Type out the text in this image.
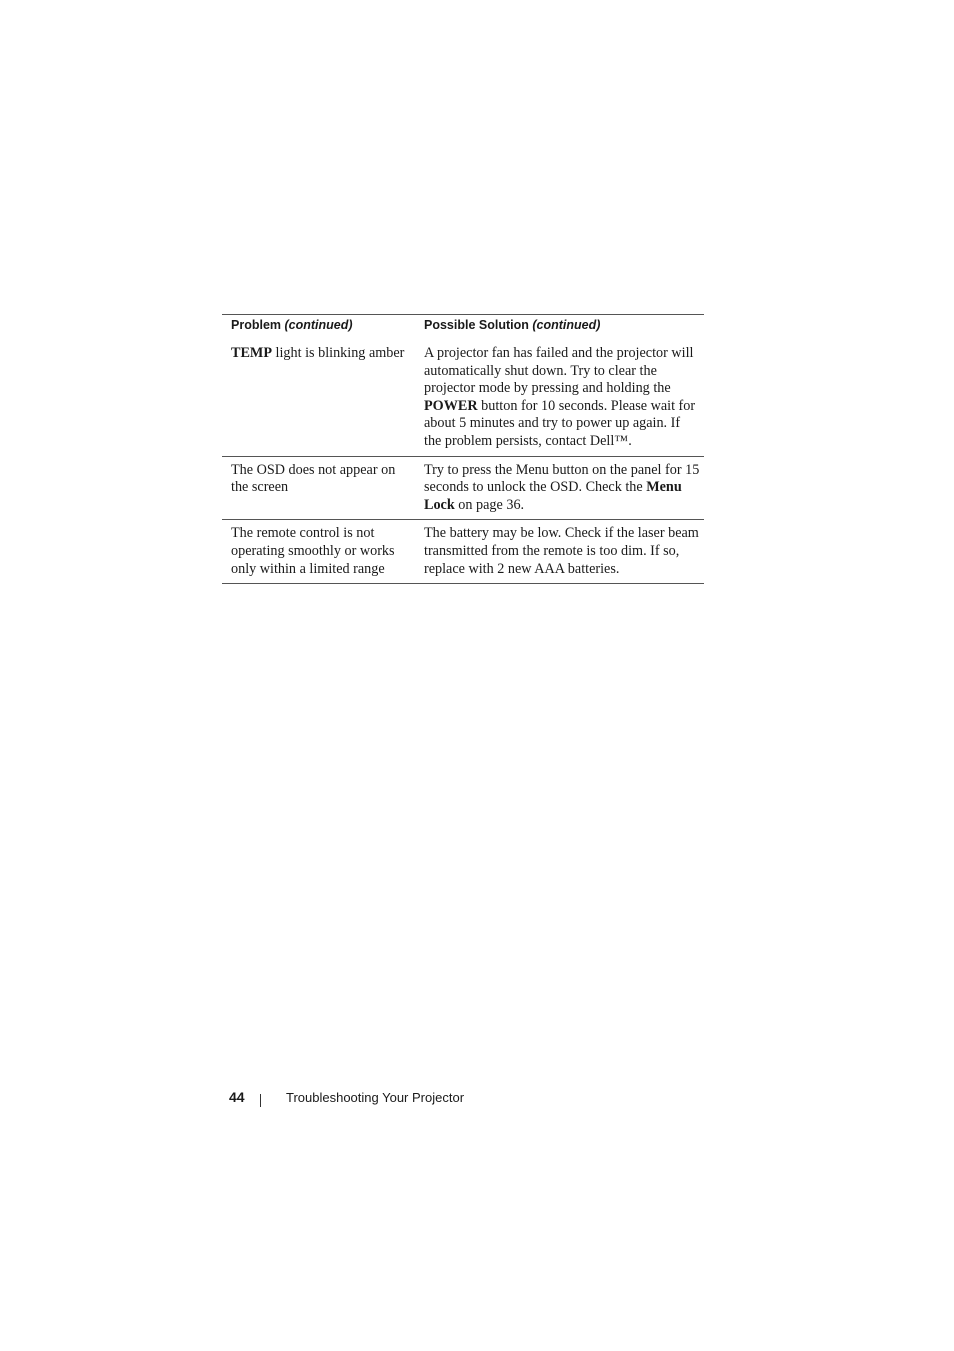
Problem (continued)	Possible Solution (continued)
TEMP light is blinking amber	A projector fan has failed and the projector will automatically shut down. Try to clear the projector mode by pressing and holding the POWER button for 10 seconds. Please wait for about 5 minutes and try to power up again. If the problem persists, contact Dell™.
The OSD does not appear on the screen	Try to press the Menu button on the panel for 15 seconds to unlock the OSD. Check the Menu Lock on page 36.
The remote control is not operating smoothly or works only within a limited range	The battery may be low. Check if the laser beam transmitted from the remote is too dim. If so, replace with 2 new AAA batteries.
44	Troubleshooting Your Projector
